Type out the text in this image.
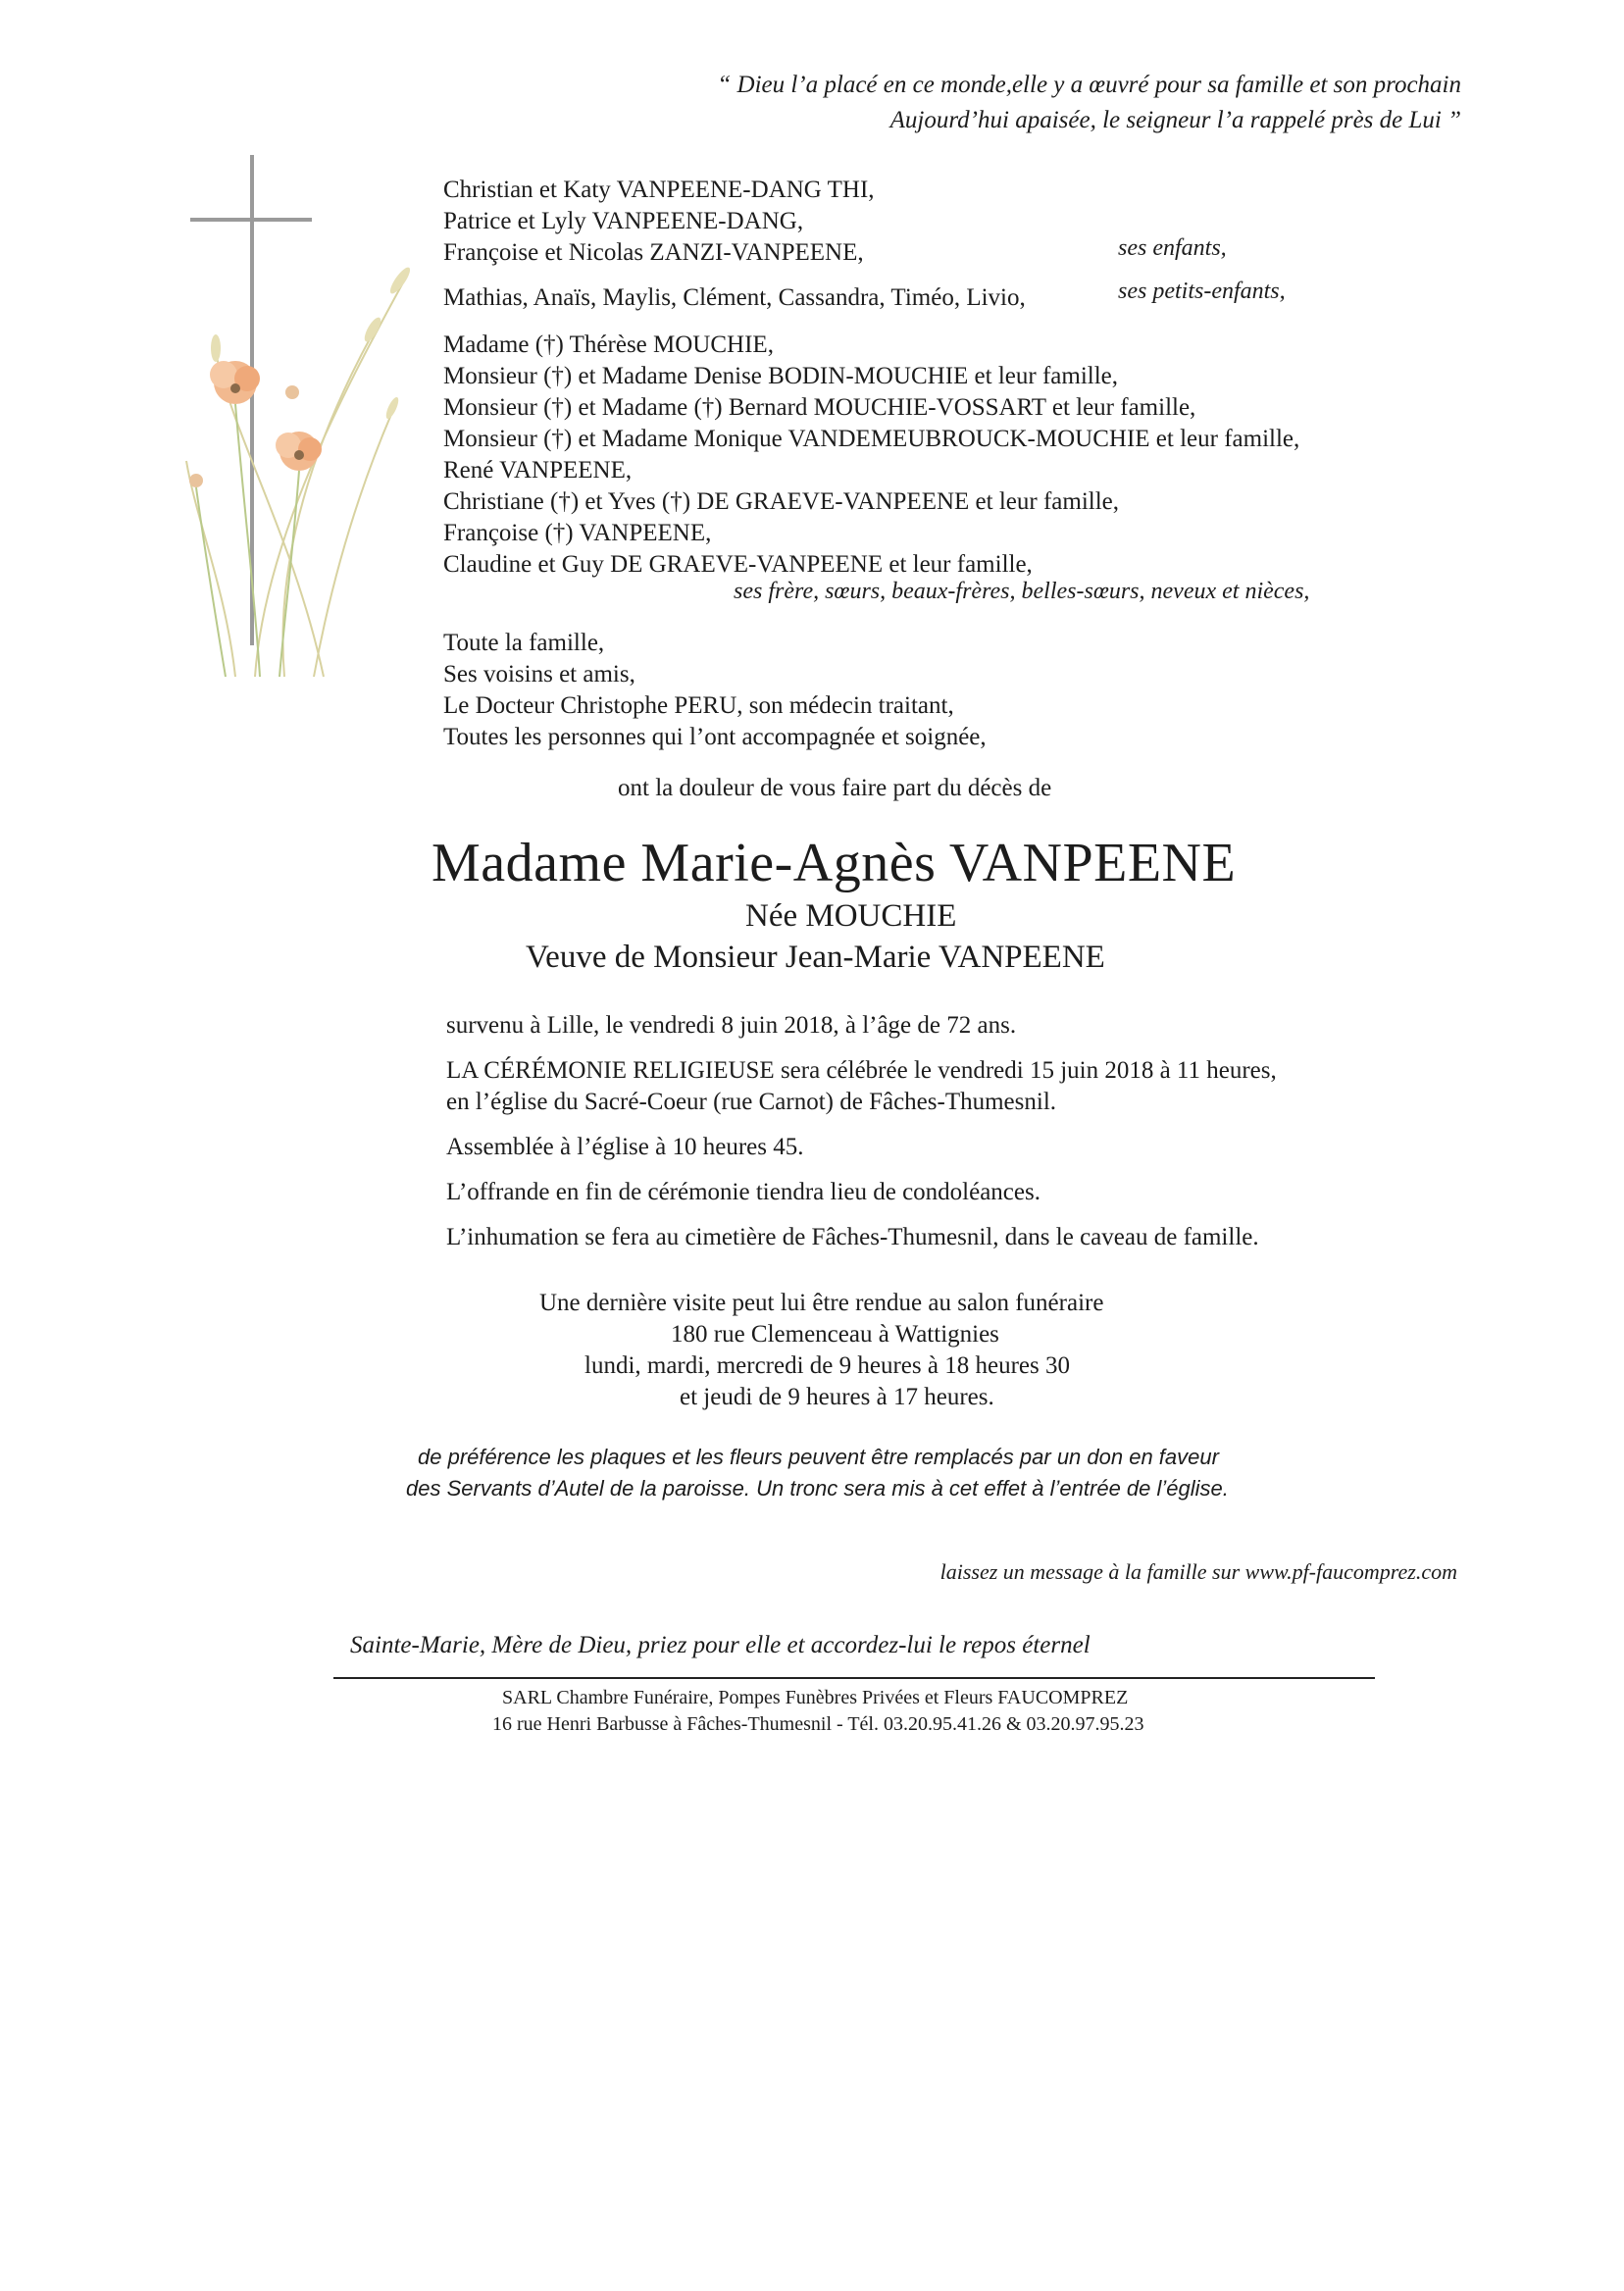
“ Dieu l’a placé en ce monde,elle y a œuvré pour sa famille et son prochain
Aujourd’hui apaisée, le seigneur l’a rappelé près de Lui ”
Christian et Katy VANPEENE-DANG THI,
Patrice et Lyly VANPEENE-DANG,
Françoise et Nicolas ZANZI-VANPEENE,	ses enfants,
Mathias, Anaïs, Maylis, Clément, Cassandra, Timéo, Livio,	ses petits-enfants,
Madame (†) Thérèse MOUCHIE,
Monsieur (†) et Madame Denise BODIN-MOUCHIE et leur famille,
Monsieur (†) et Madame (†) Bernard MOUCHIE-VOSSART et leur famille,
Monsieur (†) et Madame Monique VANDEMEUBROUCK-MOUCHIE et leur famille,
René VANPEENE,
Christiane (†) et Yves (†) DE GRAEVE-VANPEENE et leur famille,
Françoise (†) VANPEENE,
Claudine et Guy DE GRAEVE-VANPEENE et leur famille,
ses frère, sœurs, beaux-frères, belles-sœurs, neveux et nièces,
Toute la famille,
Ses voisins et amis,
Le Docteur Christophe PERU, son médecin traitant,
Toutes les personnes qui l’ont accompagnée et soignée,
ont la douleur de vous faire part du décès de
Madame Marie-Agnès VANPEENE
Née MOUCHIE
Veuve de Monsieur Jean-Marie VANPEENE
survenu à Lille, le vendredi 8 juin 2018, à l’âge de 72 ans.
LA CÉRÉMONIE RELIGIEUSE sera célébrée le vendredi 15 juin 2018 à 11 heures,
en l’église du Sacré-Coeur (rue Carnot) de Fâches-Thumesnil.
Assemblée à l’église à 10 heures 45.
L’offrande en fin de cérémonie tiendra lieu de condoléances.
L’inhumation se fera au cimetière de Fâches-Thumesnil, dans le caveau de famille.
Une dernière visite peut lui être rendue au salon funéraire
180 rue Clemenceau à Wattignies
lundi, mardi, mercredi de 9 heures à 18 heures 30
et jeudi de 9 heures à 17 heures.
de préférence les plaques et les fleurs peuvent être remplacés par un don en faveur
des Servants d’Autel de la paroisse. Un tronc sera mis à cet effet à l’entrée de l’église.
laissez un message à la famille sur www.pf-faucomprez.com
Sainte-Marie, Mère de Dieu, priez pour elle et accordez-lui le repos éternel
SARL Chambre Funéraire, Pompes Funèbres Privées et Fleurs FAUCOMPREZ
16 rue Henri Barbusse à Fâches-Thumesnil - Tél. 03.20.95.41.26 & 03.20.97.95.23
